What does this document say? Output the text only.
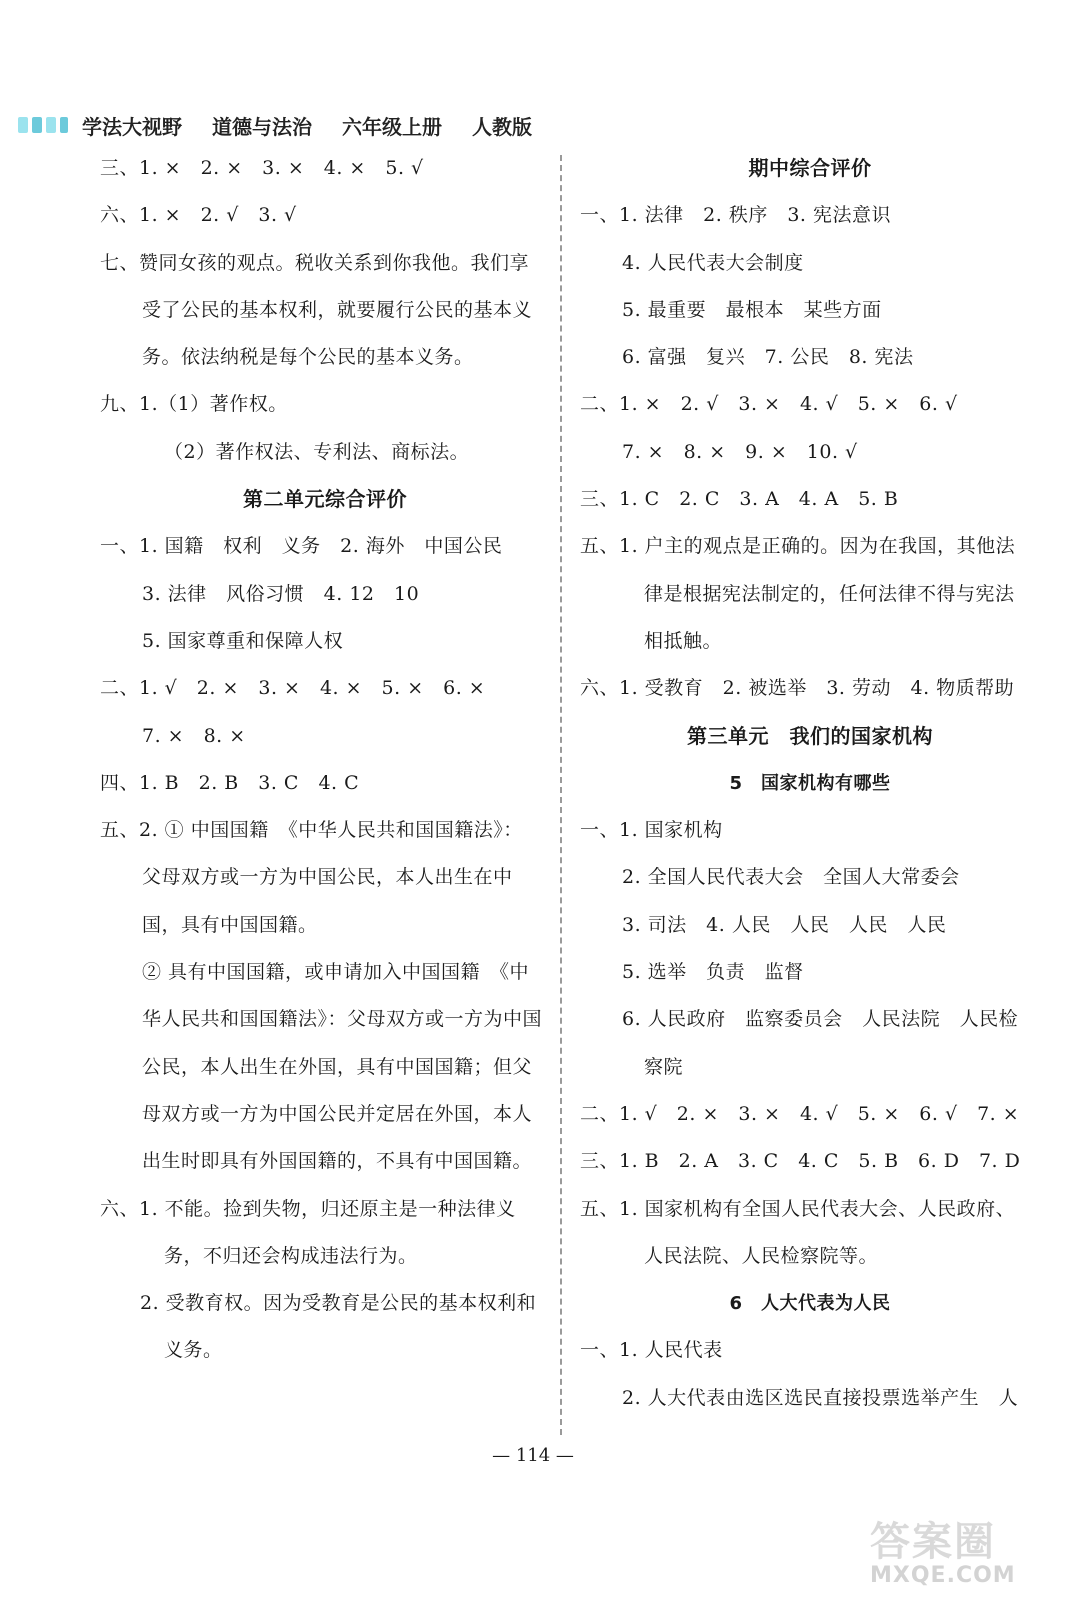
学法大视野 道德与法治 六年级上册 人教版
三、1. ×　2. ×　3. ×　4. ×　5. √
六、1. ×　2. √　3. √
七、赞同女孩的观点。税收关系到你我他。我们享
受了公民的基本权利，就要履行公民的基本义
务。依法纳税是每个公民的基本义务。
九、1.（1）著作权。
（2）著作权法、专利法、商标法。
第二单元综合评价
一、1. 国籍　权利　义务　2. 海外　中国公民
3. 法律　风俗习惯　4. 12　10
5. 国家尊重和保障人权
二、1. √　2. ×　3. ×　4. ×　5. ×　6. ×
7. ×　8. ×
四、1. B　2. B　3. C　4. C
五、2. ① 中国国籍　《中华人民共和国国籍法》：
父母双方或一方为中国公民，本人出生在中
国，具有中国国籍。
② 具有中国国籍，或申请加入中国国籍　《中
华人民共和国国籍法》：父母双方或一方为中国
公民，本人出生在外国，具有中国国籍；但父
母双方或一方为中国公民并定居在外国，本人
出生时即具有外国国籍的，不具有中国国籍。
六、1. 不能。捡到失物，归还原主是一种法律义
务，不归还会构成违法行为。
2. 受教育权。因为受教育是公民的基本权利和
义务。
期中综合评价
一、1. 法律　2. 秩序　3. 宪法意识
4. 人民代表大会制度
5. 最重要　最根本　某些方面
6. 富强　复兴　7. 公民　8. 宪法
二、1. ×　2. √　3. ×　4. √　5. ×　6. √
7. ×　8. ×　9. ×　10. √
三、1. C　2. C　3. A　4. A　5. B
五、1. 户主的观点是正确的。因为在我国，其他法
律是根据宪法制定的，任何法律不得与宪法
相抵触。
六、1. 受教育　2. 被选举　3. 劳动　4. 物质帮助
第三单元　我们的国家机构
5　国家机构有哪些
一、1. 国家机构
2. 全国人民代表大会　全国人大常委会
3. 司法　4. 人民　人民　人民　人民
5. 选举　负责　监督
6. 人民政府　监察委员会　人民法院　人民检
察院
二、1. √　2. ×　3. ×　4. √　5. ×　6. √　7. ×
三、1. B　2. A　3. C　4. C　5. B　6. D　7. D
五、1. 国家机构有全国人民代表大会、人民政府、
人民法院、人民检察院等。
6　人大代表为人民
一、1. 人民代表
2. 人大代表由选区选民直接投票选举产生　人
— 114 —
答案圈
MXQE.COM
